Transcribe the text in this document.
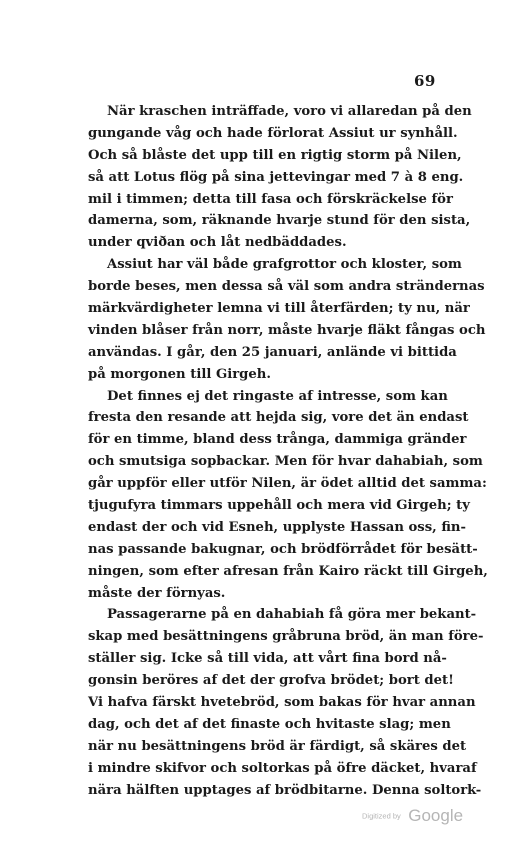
69
När kraschen inträffade, voro vi allaredan på den
gungande våg och hade förlorat Assiut ur synhåll.
Och så blåste det upp till en rigtig storm på Nilen,
så att Lotus flög på sina jettevingar med 7 à 8 eng.
mil i timmen; detta till fasa och förskräckelse för
damerna, som, räknande hvarje stund för den sista,
under qviðan och låt nedbäddades.
Assiut har väl både grafgrottor och kloster, som
borde beses, men dessa så väl som andra strändernas
märkvärdigheter lemna vi till återfärden; ty nu, när
vinden blåser från norr, måste hvarje fläkt fångas och
användas. I går, den 25 januari, anlände vi bittida
på morgonen till Girgeh.
Det finnes ej det ringaste af intresse, som kan
fresta den resande att hejda sig, vore det än endast
för en timme, bland dess trånga, dammiga gränder
och smutsiga sopbackar. Men för hvar dahabiah, som
går uppför eller utför Nilen, är ödet alltid det samma:
tjugufyra timmars uppehåll och mera vid Girgeh; ty
endast der och vid Esneh, upplyste Hassan oss, fin-
nas passande bakugnar, och brödförrådet för besätt-
ningen, som efter afresan från Kairo räckt till Girgeh,
måste der förnyas.
Passagerarne på en dahabiah få göra mer bekant-
skap med besättningens gråbruna bröd, än man före-
ställer sig. Icke så till vida, att vårt fina bord nå-
gonsin beröres af det der grofva brödet; bort det!
Vi hafva färskt hvetebröd, som bakas för hvar annan
dag, och det af det finaste och hvitaste slag; men
när nu besättningens bröd är färdigt, så skäres det
i mindre skifvor och soltorkas på öfre däcket, hvaraf
nära hälften upptages af brödbitarne. Denna soltork-
Digitized by Google
